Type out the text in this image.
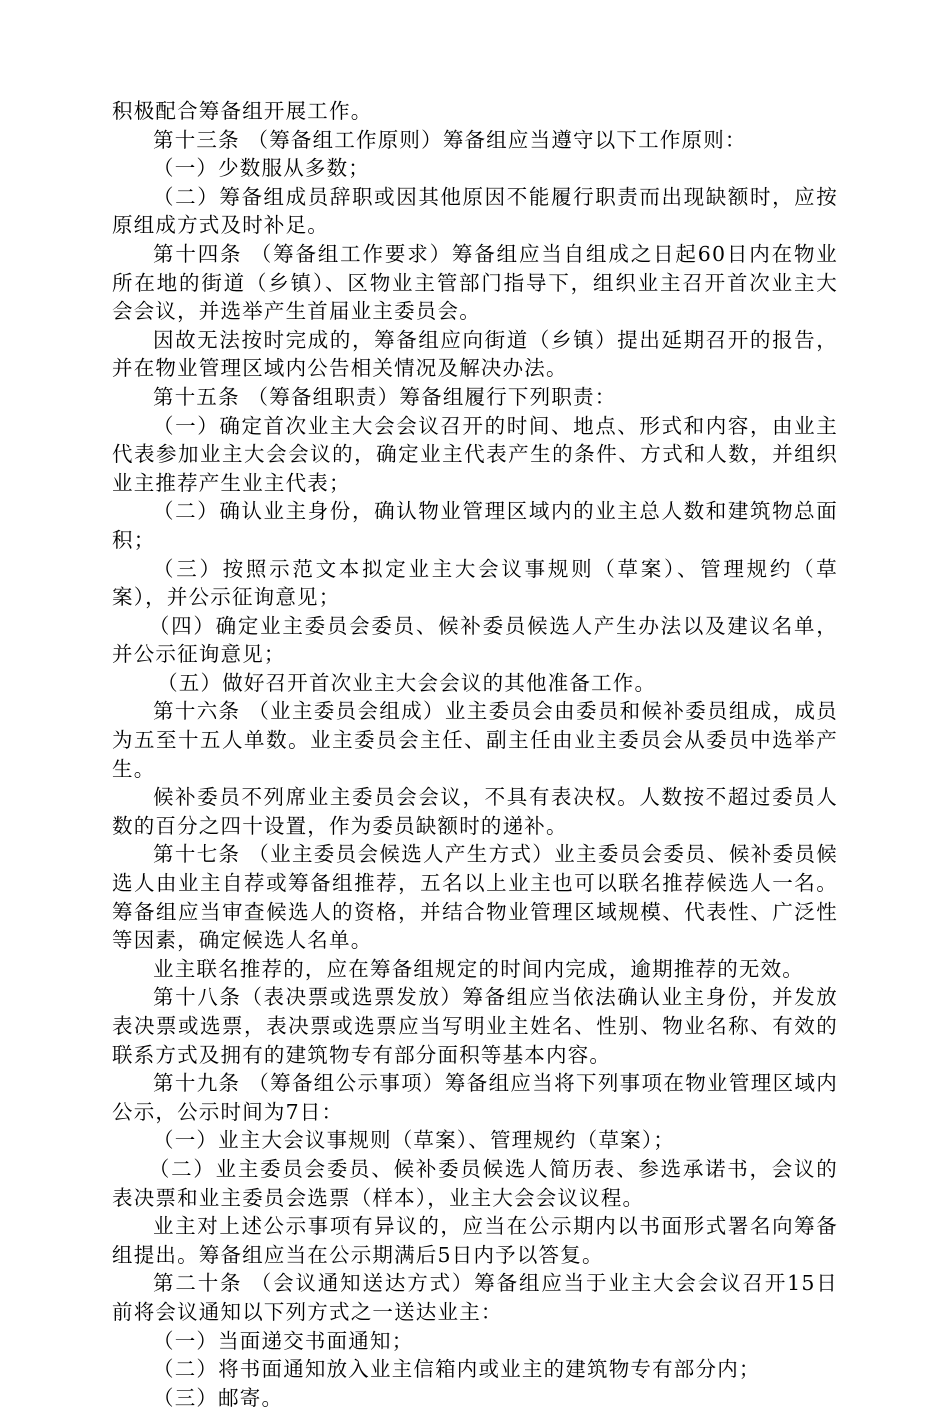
积极配合筹备组开展工作。

第十三条 （筹备组工作原则）筹备组应当遵守以下工作原则：

（一）少数服从多数；

（二）筹备组成员辞职或因其他原因不能履行职责而出现缺额时，应按原组成方式及时补足。

第十四条 （筹备组工作要求）筹备组应当自组成之日起60日内在物业所在地的街道（乡镇）、区物业主管部门指导下，组织业主召开首次业主大会会议，并选举产生首届业主委员会。

因故无法按时完成的，筹备组应向街道（乡镇）提出延期召开的报告，并在物业管理区域内公告相关情况及解决办法。

第十五条 （筹备组职责）筹备组履行下列职责：

（一）确定首次业主大会会议召开的时间、地点、形式和内容，由业主代表参加业主大会会议的，确定业主代表产生的条件、方式和人数，并组织业主推荐产生业主代表；

（二）确认业主身份，确认物业管理区域内的业主总人数和建筑物总面积；

（三）按照示范文本拟定业主大会议事规则（草案）、管理规约（草案），并公示征询意见；

（四）确定业主委员会委员、候补委员候选人产生办法以及建议名单，并公示征询意见；

（五）做好召开首次业主大会会议的其他准备工作。

第十六条 （业主委员会组成）业主委员会由委员和候补委员组成，成员为五至十五人单数。业主委员会主任、副主任由业主委员会从委员中选举产生。

候补委员不列席业主委员会会议，不具有表决权。人数按不超过委员人数的百分之四十设置，作为委员缺额时的递补。

第十七条 （业主委员会候选人产生方式）业主委员会委员、候补委员候选人由业主自荐或筹备组推荐，五名以上业主也可以联名推荐候选人一名。筹备组应当审查候选人的资格，并结合物业管理区域规模、代表性、广泛性等因素，确定候选人名单。

业主联名推荐的，应在筹备组规定的时间内完成，逾期推荐的无效。

第十八条（表决票或选票发放）筹备组应当依法确认业主身份，并发放表决票或选票，表决票或选票应当写明业主姓名、性别、物业名称、有效的联系方式及拥有的建筑物专有部分面积等基本内容。

第十九条 （筹备组公示事项）筹备组应当将下列事项在物业管理区域内公示，公示时间为7日：

（一）业主大会议事规则（草案）、管理规约（草案）；

（二）业主委员会委员、候补委员候选人简历表、参选承诺书，会议的表决票和业主委员会选票（样本），业主大会会议议程。

业主对上述公示事项有异议的，应当在公示期内以书面形式署名向筹备组提出。筹备组应当在公示期满后5日内予以答复。

第二十条 （会议通知送达方式）筹备组应当于业主大会会议召开15日前将会议通知以下列方式之一送达业主：

（一）当面递交书面通知；

（二）将书面通知放入业主信箱内或业主的建筑物专有部分内；

（三）邮寄。
